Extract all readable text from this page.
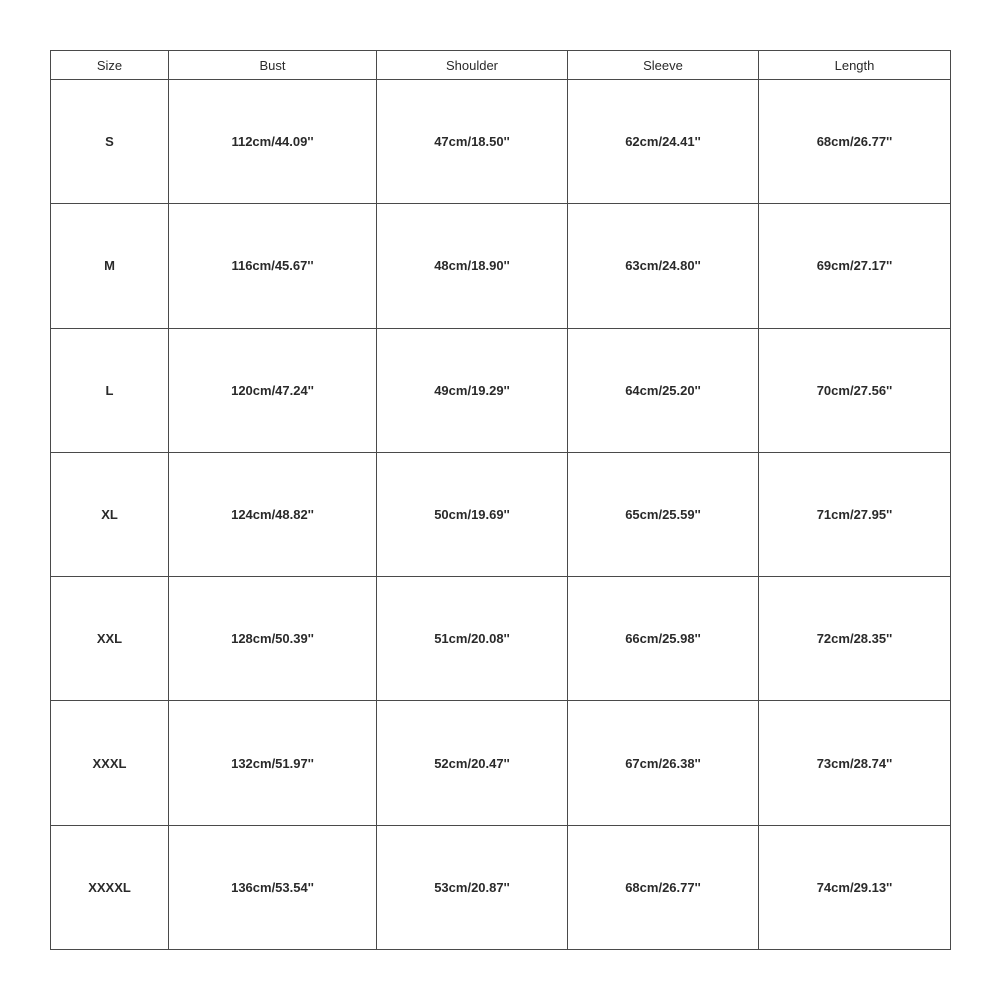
Size	Bust	Shoulder	Sleeve	Length
S	112cm/44.09''	47cm/18.50''	62cm/24.41''	68cm/26.77''
M	116cm/45.67''	48cm/18.90''	63cm/24.80''	69cm/27.17''
L	120cm/47.24''	49cm/19.29''	64cm/25.20''	70cm/27.56''
XL	124cm/48.82''	50cm/19.69''	65cm/25.59''	71cm/27.95''
XXL	128cm/50.39''	51cm/20.08''	66cm/25.98''	72cm/28.35''
XXXL	132cm/51.97''	52cm/20.47''	67cm/26.38''	73cm/28.74''
XXXXL	136cm/53.54''	53cm/20.87''	68cm/26.77''	74cm/29.13''
